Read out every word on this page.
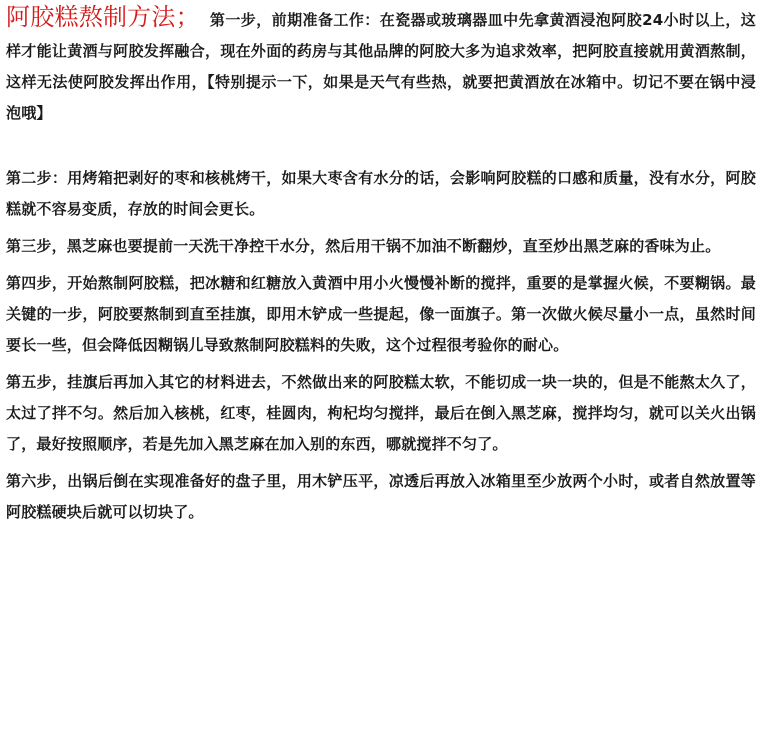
阿胶糕熬制方法； 第一步，前期准备工作：在瓷器或玻璃器皿中先拿黄酒浸泡阿胶24小时以上，这样才能让黄酒与阿胶发挥融合，现在外面的药房与其他品牌的阿胶大多为追求效率，把阿胶直接就用黄酒熬制，这样无法使阿胶发挥出作用，【特别提示一下，如果是天气有些热，就要把黄酒放在冰箱中。切记不要在锅中浸泡哦】

第二步：用烤箱把剥好的枣和核桃烤干，如果大枣含有水分的话，会影响阿胶糕的口感和质量，没有水分，阿胶糕就不容易变质，存放的时间会更长。

第三步，黑芝麻也要提前一天洗干净控干水分，然后用干锅不加油不断翻炒，直至炒出黑芝麻的香味为止。

第四步，开始熬制阿胶糕，把冰糖和红糖放入黄酒中用小火慢慢补断的搅拌，重要的是掌握火候，不要糊锅。最关键的一步，阿胶要熬制到直至挂旗，即用木铲成一些提起，像一面旗子。第一次做火候尽量小一点，虽然时间要长一些，但会降低因糊锅儿导致熬制阿胶糕料的失败，这个过程很考验你的耐心。

第五步，挂旗后再加入其它的材料进去，不然做出来的阿胶糕太软，不能切成一块一块的，但是不能熬太久了，太过了拌不匀。然后加入核桃，红枣，桂圆肉，枸杞均匀搅拌，最后在倒入黑芝麻，搅拌均匀，就可以关火出锅了，最好按照顺序，若是先加入黑芝麻在加入别的东西，哪就搅拌不匀了。

第六步，出锅后倒在实现准备好的盘子里，用木铲压平，凉透后再放入冰箱里至少放两个小时，或者自然放置等阿胶糕硬块后就可以切块了。
